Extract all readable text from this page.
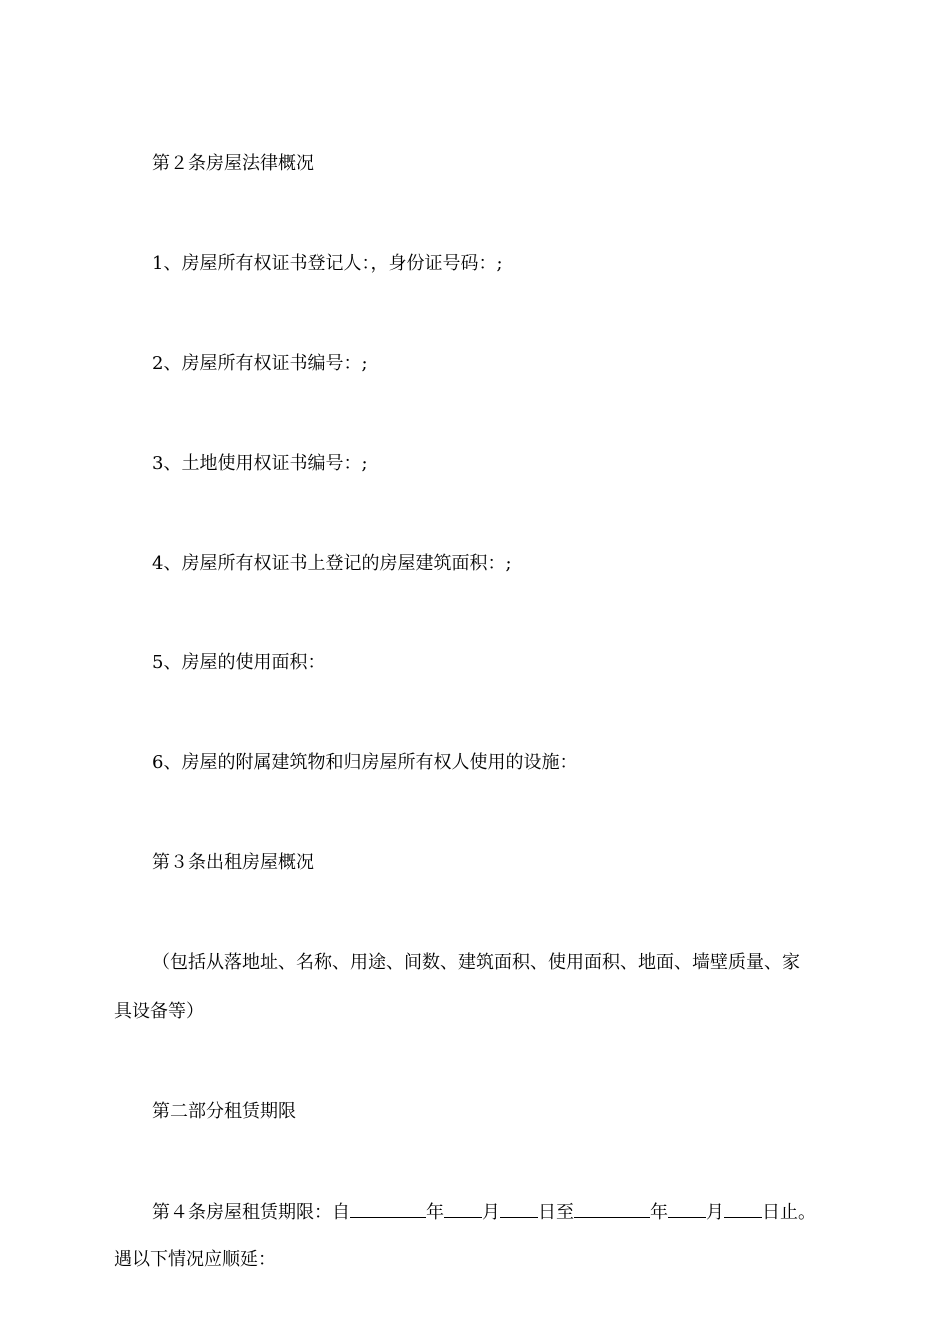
第２条房屋法律概况
1、房屋所有权证书登记人：，身份证号码：;
2、房屋所有权证书编号：;
3、土地使用权证书编号：;
4、房屋所有权证书上登记的房屋建筑面积：;
5、房屋的使用面积：
6、房屋的附属建筑物和归房屋所有权人使用的设施：
第３条出租房屋概况
（包括从落地址、名称、用途、间数、建筑面积、使用面积、地面、墙壁质量、家
具设备等）
第二部分租赁期限
第４条房屋租赁期限：自	年 月 日至	年 月 日止。
遇以下情况应顺延：
